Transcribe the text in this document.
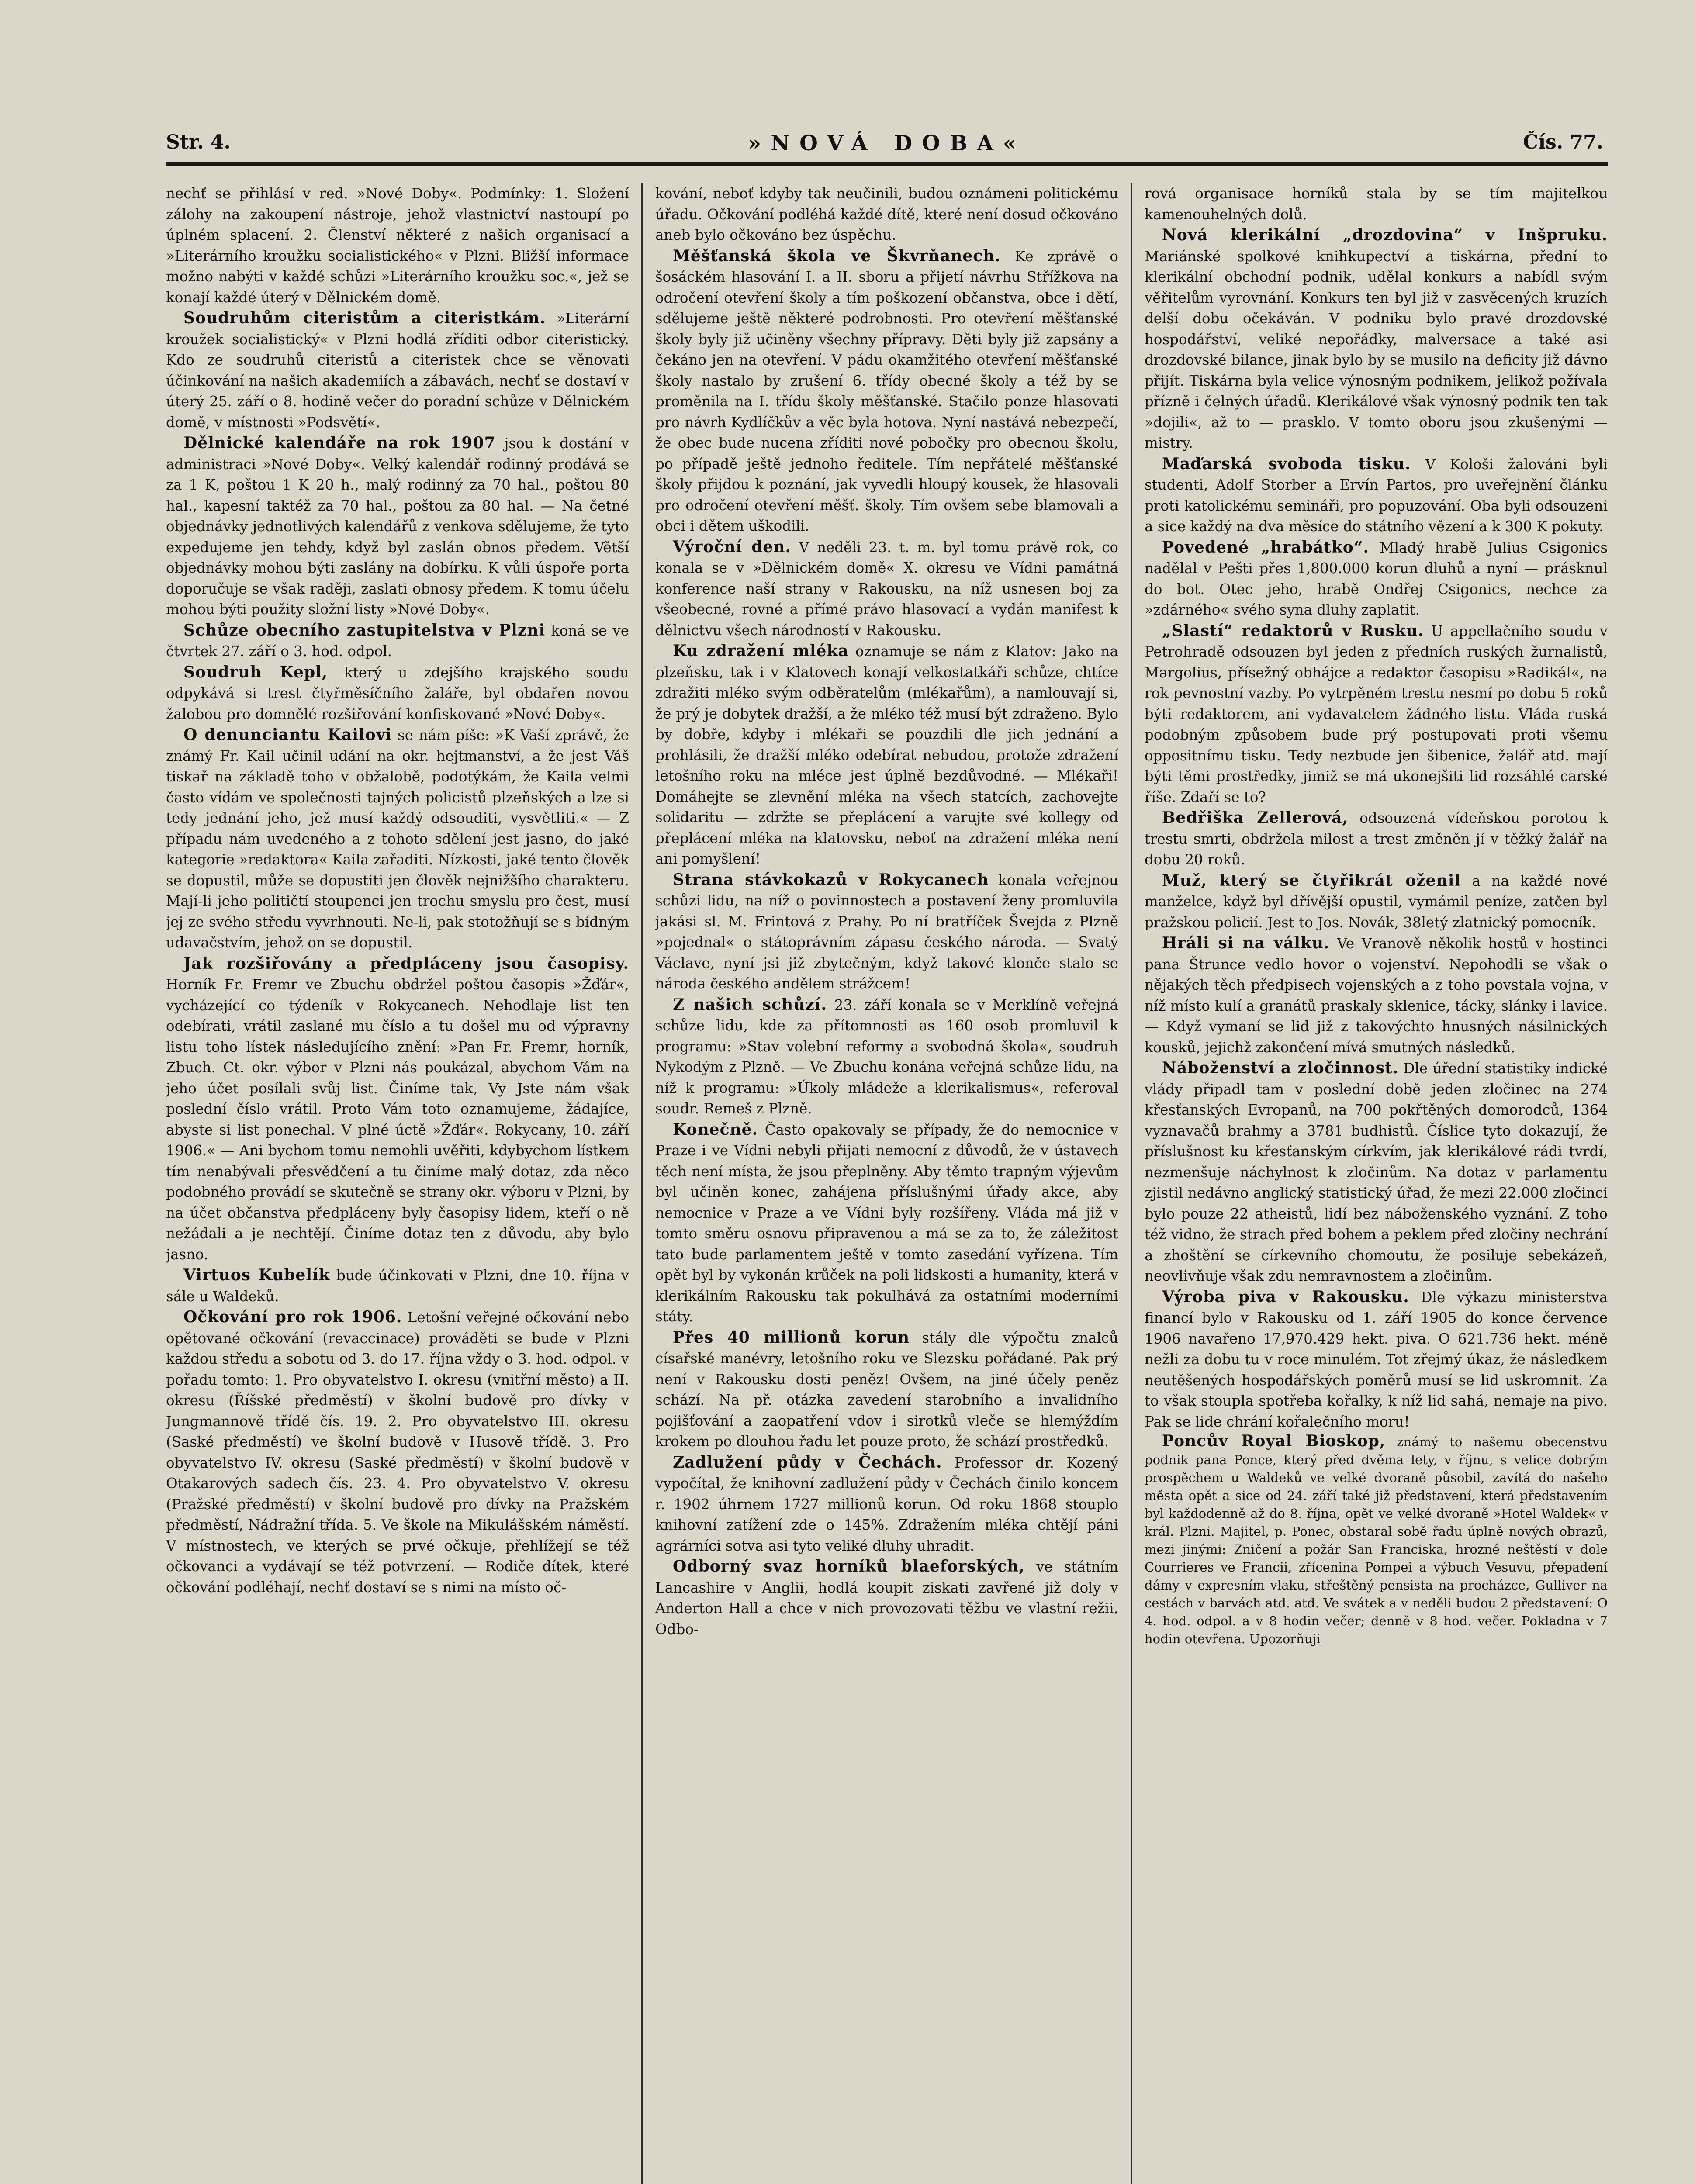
Str. 4.	»NOVÁ DOBA«	Čís. 77.

nechť se přihlásí v red. »Nové Doby«. Podmínky: 1. Složení zálohy na zakoupení nástroje, jehož vlastnictví nastoupí po úplném splacení. 2. Členství některé z našich organisací a »Literárního kroužku socialistického« v Plzni. Bližší informace možno nabýti v každé schůzi »Literárního kroužku soc.«, jež se konají každé úterý v Dělnickém domě.

Soudruhům citeristům a citeristkám. »Literární kroužek socialistický« v Plzni hodlá zříditi odbor citeristický. Kdo ze soudruhů citeristů a citeristek chce se věnovati účinkování na našich akademiích a zábavách, nechť se dostaví v úterý 25. září o 8. hodině večer do poradní schůze v Dělnickém domě, v místnosti »Podsvětí«.

Dělnické kalendáře na rok 1907 jsou k dostání v administraci »Nové Doby«. Velký kalendář rodinný prodává se za 1 K, poštou 1 K 20 h., malý rodinný za 70 hal., poštou 80 hal., kapesní taktéž za 70 hal., poštou za 80 hal. — Na četné objednávky jednotlivých kalendářů z venkova sdělujeme, že tyto expedujeme jen tehdy, když byl zaslán obnos předem. Větší objednávky mohou býti zaslány na dobírku. K vůli úspoře porta doporučuje se však raději, zaslati obnosy předem. K tomu účelu mohou býti použity složní listy »Nové Doby«.

Schůze obecního zastupitelstva v Plzni koná se ve čtvrtek 27. září o 3. hod. odpol.

Soudruh Kepl, který u zdejšího krajského soudu odpykává si trest čtyřměsíčního žaláře, byl obdařen novou žalobou pro domnělé rozšiřování konfiskované »Nové Doby«.

O denunciantu Kailovi se nám píše: »K Vaší zprávě, že známý Fr. Kail učinil udání na okr. hejtmanství, a že jest Váš tiskař na základě toho v obžalobě, podotýkám, že Kaila velmi často vídám ve společnosti tajných policistů plzeňských a lze si tedy jednání jeho, jež musí každý odsouditi, vysvětliti.« — Z případu nám uvedeného a z tohoto sdělení jest jasno, do jaké kategorie »redaktora« Kaila zařaditi. Nízkosti, jaké tento člověk se dopustil, může se dopustiti jen člověk nejnižšího charakteru. Mají-li jeho političtí stoupenci jen trochu smyslu pro čest, musí jej ze svého středu vyvrhnouti. Ne-li, pak stotožňují se s bídným udavačstvím, jehož on se dopustil.

Jak rozšiřovány a předpláceny jsou časopisy. Horník Fr. Fremr ve Zbuchu obdržel poštou časopis »Žďár«, vycházející co týdeník v Rokycanech. Nehodlaje list ten odebírati, vrátil zaslané mu číslo a tu došel mu od výpravny listu toho lístek následujícího znění: »Pan Fr. Fremr, horník, Zbuch. Ct. okr. výbor v Plzni nás poukázal, abychom Vám na jeho účet posílali svůj list. Činíme tak, Vy Jste nám však poslední číslo vrátil. Proto Vám toto oznamujeme, žádajíce, abyste si list ponechal. V plné úctě »Žďár«. Rokycany, 10. září 1906.« — Ani bychom tomu nemohli uvěřiti, kdybychom lístkem tím nenabývali přesvědčení a tu činíme malý dotaz, zda něco podobného provádí se skutečně se strany okr. výboru v Plzni, by na účet občanstva předpláceny byly časopisy lidem, kteří o ně nežádali a je nechtějí. Činíme dotaz ten z důvodu, aby bylo jasno.

Virtuos Kubelík bude účinkovati v Plzni, dne 10. října v sále u Waldeků.

Očkování pro rok 1906. Letošní veřejné očkování nebo opětované očkování (revaccinace) prováděti se bude v Plzni každou středu a sobotu od 3. do 17. října vždy o 3. hod. odpol. v pořadu tomto: 1. Pro obyvatelstvo I. okresu (vnitřní město) a II. okresu (Říšské předměstí) v školní budově pro dívky v Jungmannově třídě čís. 19. 2. Pro obyvatelstvo III. okresu (Saské předměstí) ve školní budově v Husově třídě. 3. Pro obyvatelstvo IV. okresu (Saské předměstí) v školní budově v Otakarových sadech čís. 23. 4. Pro obyvatelstvo V. okresu (Pražské předměstí) v školní budově pro dívky na Pražském předměstí, Nádražní třída. 5. Ve škole na Mikulášském náměstí. V místnostech, ve kterých se prvé očkuje, přehlížejí se též očkovanci a vydávají se též potvrzení. — Rodiče dítek, které očkování podléhají, nechť dostaví se s nimi na místo oč-

kování, neboť kdyby tak neučinili, budou oznámeni politickému úřadu. Očkování podléhá každé dítě, které není dosud očkováno aneb bylo očkováno bez úspěchu.

Měšťanská škola ve Škvrňanech. Ke zprávě o šosáckém hlasování I. a II. sboru a přijetí návrhu Střížkova na odročení otevření školy a tím poškození občanstva, obce i dětí, sdělujeme ještě některé podrobnosti. Pro otevření měšťanské školy byly již učiněny všechny přípravy. Děti byly již zapsány a čekáno jen na otevření. V pádu okamžitého otevření měšťanské školy nastalo by zrušení 6. třídy obecné školy a též by se proměnila na I. třídu školy měšťanské. Stačilo ponze hlasovati pro návrh Kydlíčkův a věc byla hotova. Nyní nastává nebezpečí, že obec bude nucena zříditi nové pobočky pro obecnou školu, po případě ještě jednoho ředitele. Tím nepřátelé měšťanské školy přijdou k poznání, jak vyvedli hloupý kousek, že hlasovali pro odročení otevření měšť. školy. Tím ovšem sebe blamovali a obci i dětem uškodili.

Výroční den. V neděli 23. t. m. byl tomu právě rok, co konala se v »Dělnickém domě« X. okresu ve Vídni památná konference naší strany v Rakousku, na níž usnesen boj za všeobecné, rovné a přímé právo hlasovací a vydán manifest k dělnictvu všech národností v Rakousku.

Ku zdražení mléka oznamuje se nám z Klatov: Jako na plzeňsku, tak i v Klatovech konají velkostatkáři schůze, chtíce zdražiti mléko svým odběratelům (mlékařům), a namlouvají si, že prý je dobytek dražší, a že mléko též musí být zdraženo. Bylo by dobře, kdyby i mlékaři se pouzdili dle jich jednání a prohlásili, že dražší mléko odebírat nebudou, protože zdražení letošního roku na mléce jest úplně bezdůvodné. — Mlékaři! Domáhejte se zlevnění mléka na všech statcích, zachovejte solidaritu — zdržte se přeplácení a varujte své kollegy od přeplácení mléka na klatovsku, neboť na zdražení mléka není ani pomyšlení!

Strana stávkokazů v Rokycanech konala veřejnou schůzi lidu, na níž o povinnostech a postavení ženy promluvila jakási sl. M. Frintová z Prahy. Po ní bratříček Švejda z Plzně »pojednal« o státoprávním zápasu českého národa. — Svatý Václave, nyní jsi již zbytečným, když takové klonče stalo se národa českého andělem strážcem!

Z našich schůzí. 23. září konala se v Merklíně veřejná schůze lidu, kde za přítomnosti as 160 osob promluvil k programu: »Stav volební reformy a svobodná škola«, soudruh Nykodým z Plzně. — Ve Zbuchu konána veřejná schůze lidu, na níž k programu: »Úkoly mládeže a klerikalismus«, referoval soudr. Remeš z Plzně.

Konečně. Často opakovaly se případy, že do nemocnice v Praze i ve Vídni nebyli přijati nemocní z důvodů, že v ústavech těch není místa, že jsou přeplněny. Aby těmto trapným výjevům byl učiněn konec, zahájena příslušnými úřady akce, aby nemocnice v Praze a ve Vídni byly rozšířeny. Vláda má již v tomto směru osnovu připravenou a má se za to, že záležitost tato bude parlamentem ještě v tomto zasedání vyřízena. Tím opět byl by vykonán krůček na poli lidskosti a humanity, která v klerikálním Rakousku tak pokulhává za ostatními moderními státy.

Přes 40 millionů korun stály dle výpočtu znalců císařské manévry, letošního roku ve Slezsku pořádané. Pak prý není v Rakousku dosti peněz! Ovšem, na jiné účely peněz schází. Na př. otázka zavedení starobního a invalidního pojišťování a zaopatření vdov i sirotků vleče se hlemýždím krokem po dlouhou řadu let pouze proto, že schází prostředků.

Zadlužení půdy v Čechách. Professor dr. Kozený vypočítal, že knihovní zadlužení půdy v Čechách činilo koncem r. 1902 úhrnem 1727 millionů korun. Od roku 1868 stouplo knihovní zatížení zde o 145%. Zdražením mléka chtějí páni agrárníci sotva asi tyto veliké dluhy uhradit.

Odborný svaz horníků blaeforských, ve státním Lancashire v Anglii, hodlá koupit ziskati zavřené již doly v Anderton Hall a chce v nich provozovati těžbu ve vlastní režii. Odbo-

rová organisace horníků stala by se tím majitelkou kamenouhelných dolů.

Nová klerikální „drozdovina“ v Inšpruku. Mariánské spolkové knihkupectví a tiskárna, přední to klerikální obchodní podnik, udělal konkurs a nabídl svým věřitelům vyrovnání. Konkurs ten byl již v zasvěcených kruzích delší dobu očekáván. V podniku bylo pravé drozdovské hospodářství, veliké nepořádky, malversace a také asi drozdovské bilance, jinak bylo by se musilo na deficity již dávno přijít. Tiskárna byla velice výnosným podnikem, jelikož požívala přízně i čelných úřadů. Klerikálové však výnosný podnik ten tak »dojili«, až to — prasklo. V tomto oboru jsou zkušenými — mistry.

Maďarská svoboda tisku. V Kološi žalováni byli studenti, Adolf Storber a Ervín Partos, pro uveřejnění článku proti katolickému semináři, pro popuzování. Oba byli odsouzeni a sice každý na dva měsíce do státního vězení a k 300 K pokuty.

Povedené „hrabátko“. Mladý hrabě Julius Csigonics nadělal v Pešti přes 1,800.000 korun dluhů a nyní — prásknul do bot. Otec jeho, hrabě Ondřej Csigonics, nechce za »zdárného« svého syna dluhy zaplatit.

„Slastí“ redaktorů v Rusku. U appellačního soudu v Petrohradě odsouzen byl jeden z předních ruských žurnalistů, Margolius, přísežný obhájce a redaktor časopisu »Radikál«, na rok pevnostní vazby. Po vytrpěném trestu nesmí po dobu 5 roků býti redaktorem, ani vydavatelem žádného listu. Vláda ruská podobným způsobem bude prý postupovati proti všemu oppositnímu tisku. Tedy nezbude jen šibenice, žalář atd. mají býti těmi prostředky, jimiž se má ukonejšiti lid rozsáhlé carské říše. Zdaří se to?

Bedřiška Zellerová, odsouzená vídeňskou porotou k trestu smrti, obdržela milost a trest změněn jí v těžký žalář na dobu 20 roků.

Muž, který se čtyřikrát oženil a na každé nové manželce, když byl dřívější opustil, vymámil peníze, zatčen byl pražskou policií. Jest to Jos. Novák, 38letý zlatnický pomocník.

Hráli si na válku. Ve Vranově několik hostů v hostinci pana Štrunce vedlo hovor o vojenství. Nepohodli se však o nějakých těch předpisech vojenských a z toho povstala vojna, v níž místo kulí a granátů praskaly sklenice, tácky, slánky i lavice. — Když vymaní se lid již z takovýchto hnusných násilnických kousků, jejichž zakončení mívá smutných následků.

Náboženství a zločinnost. Dle úřední statistiky indické vlády připadl tam v poslední době jeden zločinec na 274 křesťanských Evropanů, na 700 pokřtěných domorodců, 1364 vyznavačů brahmy a 3781 budhistů. Číslice tyto dokazují, že příslušnost ku křesťanským církvím, jak klerikálové rádi tvrdí, nezmenšuje náchylnost k zločinům. Na dotaz v parlamentu zjistil nedávno anglický statistický úřad, že mezi 22.000 zločinci bylo pouze 22 atheistů, lidí bez náboženského vyznání. Z toho též vidno, že strach před bohem a peklem před zločiny nechrání a zhoštění se církevního chomoutu, že posiluje sebekázeň, neovlivňuje však zdu nemravnostem a zločinům.

Výroba piva v Rakousku. Dle výkazu ministerstva financí bylo v Rakousku od 1. září 1905 do konce července 1906 navařeno 17,970.429 hekt. piva. O 621.736 hekt. méně nežli za dobu tu v roce minulém. Tot zřejmý úkaz, že následkem neutěšených hospodářských poměrů musí se lid uskromnit. Za to však stoupla spotřeba kořalky, k níž lid sahá, nemaje na pivo. Pak se lide chrání kořalečního moru!

Poncův Royal Bioskop, známý to našemu obecenstvu podnik pana Ponce, který před dvěma lety, v říjnu, s velice dobrým prospěchem u Waldeků ve velké dvoraně působil, zavítá do našeho města opět a sice od 24. září také již představení, která představením byl každodenně až do 8. října, opět ve velké dvoraně »Hotel Waldek« v král. Plzni. Majitel, p. Ponec, obstaral sobě řadu úplně nových obrazů, mezi jinými: Zničení a požár San Franciska, hrozné neštěstí v dole Courrieres ve Francii, zřícenina Pompei a výbuch Vesuvu, přepadení dámy v expresním vlaku, střeštěný pensista na procházce, Gulliver na cestách v barvách atd. atd. Ve svátek a v neděli budou 2 představení: O 4. hod. odpol. a v 8 hodin večer; denně v 8 hod. večer. Pokladna v 7 hodin otevřena. Upozorňuji
